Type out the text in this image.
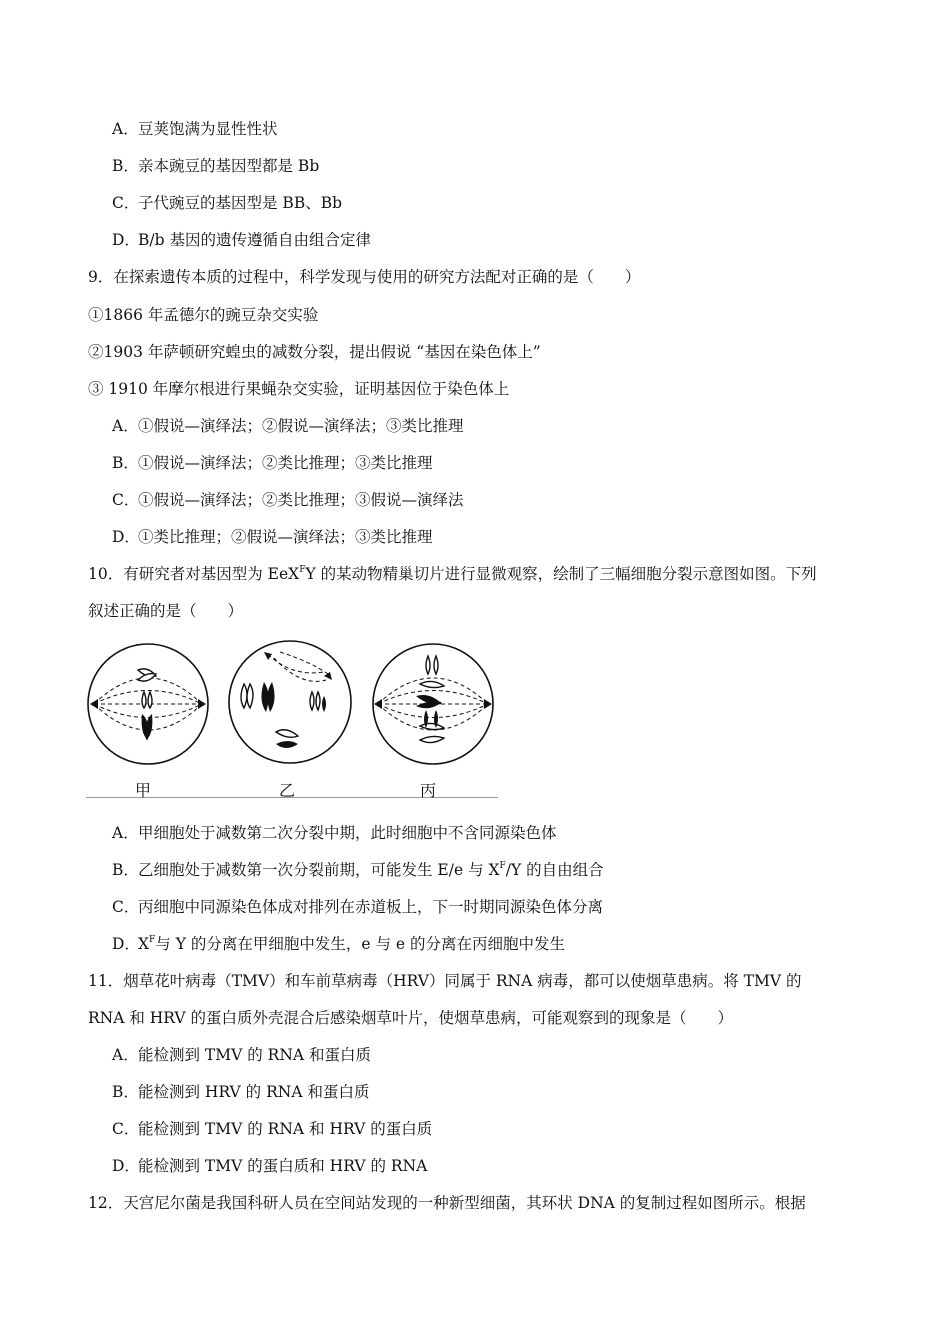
A．豆荚饱满为显性性状
B．亲本豌豆的基因型都是 Bb
C．子代豌豆的基因型是 BB、Bb
D．B/b 基因的遗传遵循自由组合定律
9．在探索遗传本质的过程中，科学发现与使用的研究方法配对正确的是（　　）
①1866 年孟德尔的豌豆杂交实验
②1903 年萨顿研究蝗虫的减数分裂，提出假说 “基因在染色体上”
③ 1910 年摩尔根进行果蝇杂交实验，证明基因位于染色体上
A．①假说—演绎法；②假说—演绎法；③类比推理
B．①假说—演绎法；②类比推理；③类比推理
C．①假说—演绎法；②类比推理；③假说—演绎法
D．①类比推理；②假说—演绎法；③类比推理
10．有研究者对基因型为 EeX$^F$Y 的某动物精巢切片进行显微观察，绘制了三幅细胞分裂示意图如图。下列
叙述正确的是（　　）
甲	乙	丙
A．甲细胞处于减数第二次分裂中期，此时细胞中不含同源染色体
B．乙细胞处于减数第一次分裂前期，可能发生 E/e 与 $X^F/Y$ 的自由组合
C．丙细胞中同源染色体成对排列在赤道板上，下一时期同源染色体分离
D．$X^F$与 Y 的分离在甲细胞中发生，e 与 e 的分离在丙细胞中发生
11．烟草花叶病毒（TMV）和车前草病毒（HRV）同属于 RNA 病毒，都可以使烟草患病。将 TMV 的
RNA 和 HRV 的蛋白质外壳混合后感染烟草叶片，使烟草患病，可能观察到的现象是（　　）
A．能检测到 TMV 的 RNA 和蛋白质
B．能检测到 HRV 的 RNA 和蛋白质
C．能检测到 TMV 的 RNA 和 HRV 的蛋白质
D．能检测到 TMV 的蛋白质和 HRV 的 RNA
12．天宫尼尔菌是我国科研人员在空间站发现的一种新型细菌，其环状 DNA 的复制过程如图所示。根据
